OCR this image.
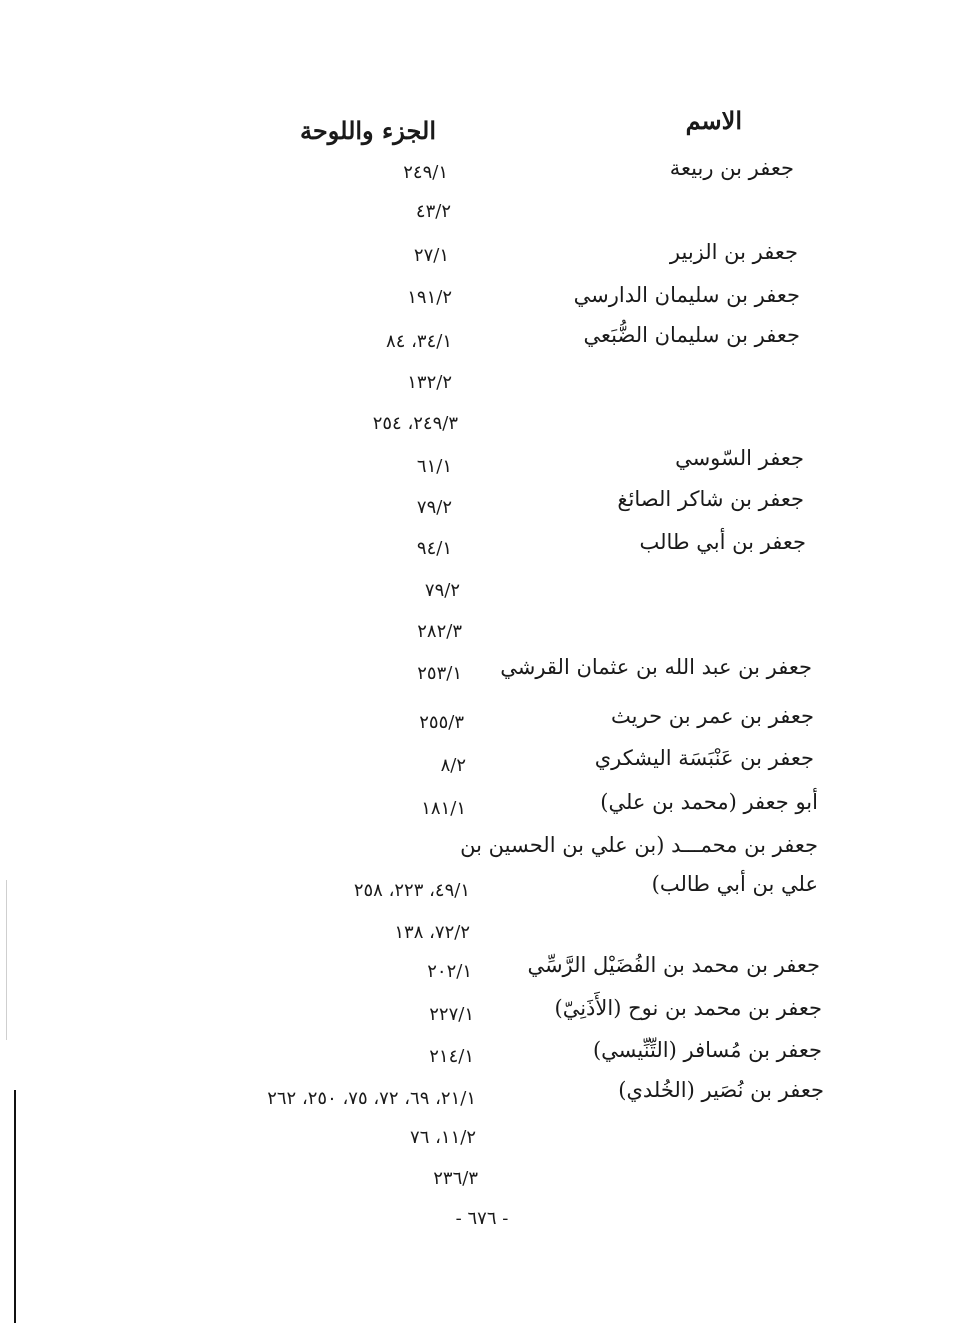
الاسم
الجزء واللوحة
جعفر بن ربيعة
٢٤٩/١
٤٣/٢
جعفر بن الزبير
٢٧/١
جعفر بن سليمان الدارسي
١٩١/٢
جعفر بن سليمان الضُّبَعي
٣٤/١، ٨٤
١٣٢/٢
٢٤٩/٣، ٢٥٤
جعفر السّوسي
٦١/١
جعفر بن شاكر الصائغ
٧٩/٢
جعفر بن أبي طالب
٩٤/١
٧٩/٢
٢٨٢/٣
جعفر بن عبد الله بن عثمان القرشي
٢٥٣/١
جعفر بن عمر بن حريث
٢٥٥/٣
جعفر بن عَنْبَسَة اليشكري
٨/٢
أبو جعفر (محمد بن علي)
١٨١/١
جعفر بن محمـــد (بن علي بن الحسين بن
علي بن أبي طالب)
٤٩/١، ٢٢٣، ٢٥٨
٧٢/٢، ١٣٨
جعفر بن محمد بن الفُضَيْل الرَّسِّي
٢٠٢/١
جعفر بن محمد بن نوح (الأَذَنِيّ)
٢٢٧/١
جعفر بن مُسافر (التِّنِّيسي)
٢١٤/١
جعفر بن نُصَير (الخُلدي)
٢١/١، ٦٩، ٧٢، ٧٥، ٢٥٠، ٢٦٢
١١/٢، ٧٦
٢٣٦/٣
- ٦٧٦ -
